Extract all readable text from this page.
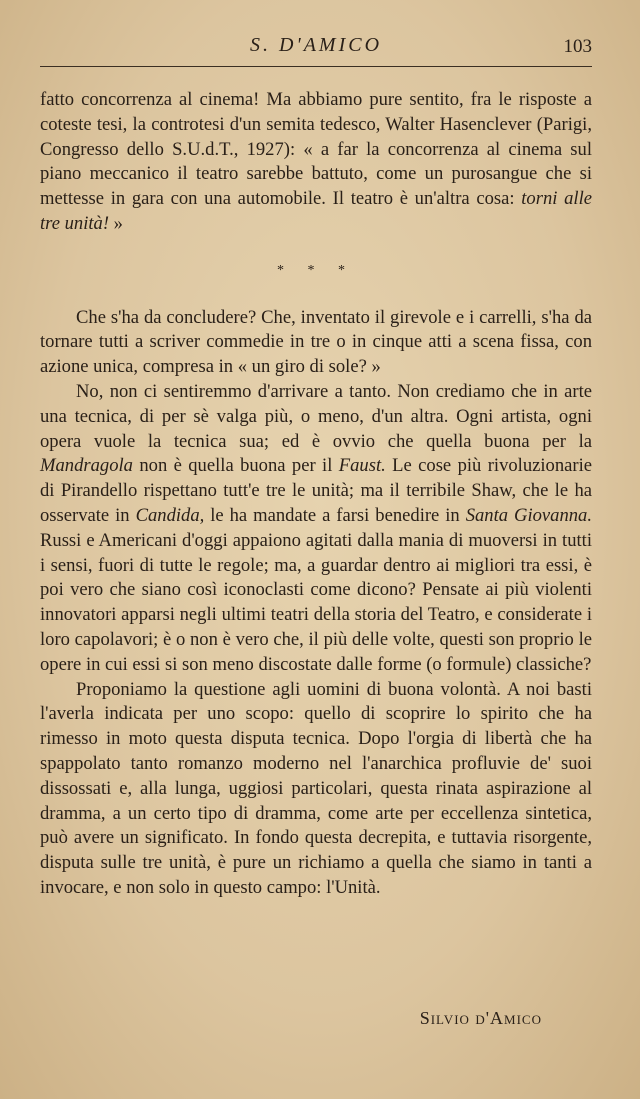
S. D'AMICO	103

fatto concorrenza al cinema! Ma abbiamo pure sentito, fra le risposte a coteste tesi, la controtesi d'un semita tedesco, Walter Hasenclever (Parigi, Congresso dello S.U.d.T., 1927): « a far la concorrenza al cinema sul piano meccanico il teatro sarebbe battuto, come un purosangue che si mettesse in gara con una automobile. Il teatro è un'altra cosa: torni alle tre unità! »

* * *

Che s'ha da concludere? Che, inventato il girevole e i carrelli, s'ha da tornare tutti a scriver commedie in tre o in cinque atti a scena fissa, con azione unica, compresa in « un giro di sole? »

No, non ci sentiremmo d'arrivare a tanto. Non crediamo che in arte una tecnica, di per sè valga più, o meno, d'un altra. Ogni artista, ogni opera vuole la tecnica sua; ed è ovvio che quella buona per la Mandragola non è quella buona per il Faust. Le cose più rivoluzionarie di Pirandello rispettano tutt'e tre le unità; ma il terribile Shaw, che le ha osservate in Candida, le ha mandate a farsi benedire in Santa Giovanna. Russi e Americani d'oggi appaiono agitati dalla mania di muoversi in tutti i sensi, fuori di tutte le regole; ma, a guardar dentro ai migliori tra essi, è poi vero che siano così iconoclasti come dicono? Pensate ai più violenti innovatori apparsi negli ultimi teatri della storia del Teatro, e considerate i loro capolavori; è o non è vero che, il più delle volte, questi son proprio le opere in cui essi si son meno discostate dalle forme (o formule) classiche?

Proponiamo la questione agli uomini di buona volontà. A noi basti l'averla indicata per uno scopo: quello di scoprire lo spirito che ha rimesso in moto questa disputa tecnica. Dopo l'orgia di libertà che ha spappolato tanto romanzo moderno nel l'anarchica profluvie de' suoi dissossati e, alla lunga, uggiosi particolari, questa rinata aspirazione al dramma, a un certo tipo di dramma, come arte per eccellenza sintetica, può avere un significato. In fondo questa decrepita, e tuttavia risorgente, disputa sulle tre unità, è pure un richiamo a quella che siamo in tanti a invocare, e non solo in questo campo: l'Unità.

Silvio d'Amico
